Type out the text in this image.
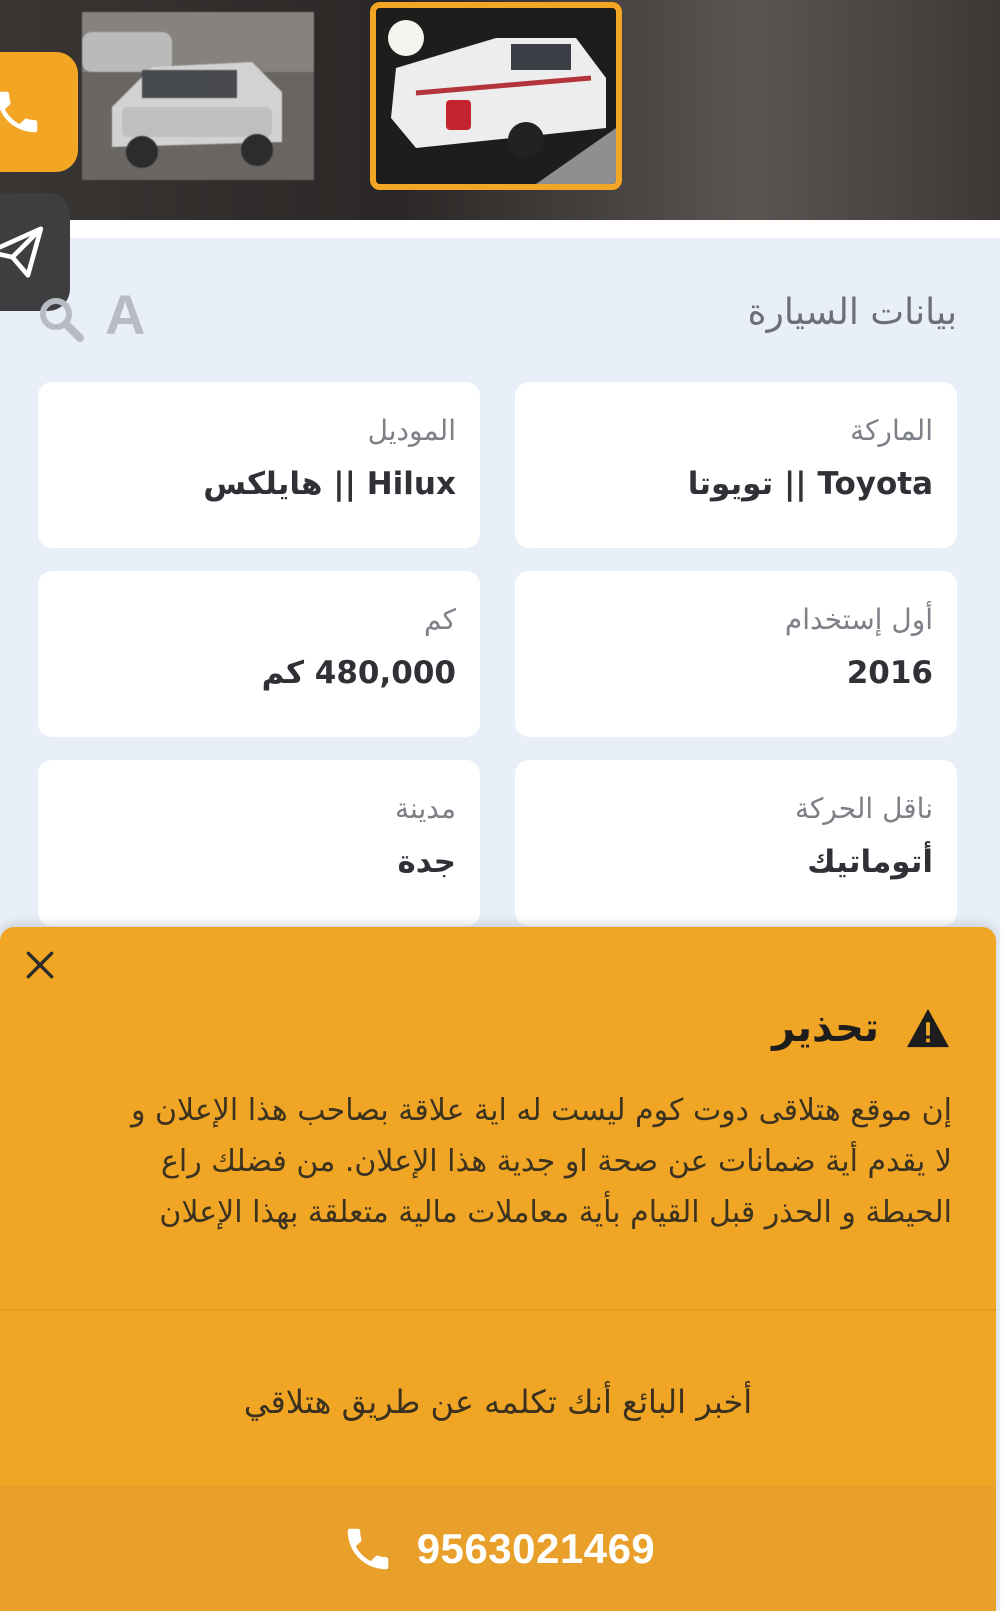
بيانات السيارة
A
الماركة
Toyota || تويوتا
الموديل
Hilux || هايلكس
أول إستخدام
2016
كم
480,000 كم
ناقل الحركة
أتوماتيك
مدينة
جدة
تحذير
إن موقع هتلاقى دوت كوم ليست له اية علاقة بصاحب هذا الإعلان و
لا يقدم أية ضمانات عن صحة او جدية هذا الإعلان. من فضلك راع
الحيطة و الحذر قبل القيام بأية معاملات مالية متعلقة بهذا الإعلان
أخبر البائع أنك تكلمه عن طريق هتلاقي
9563021469
